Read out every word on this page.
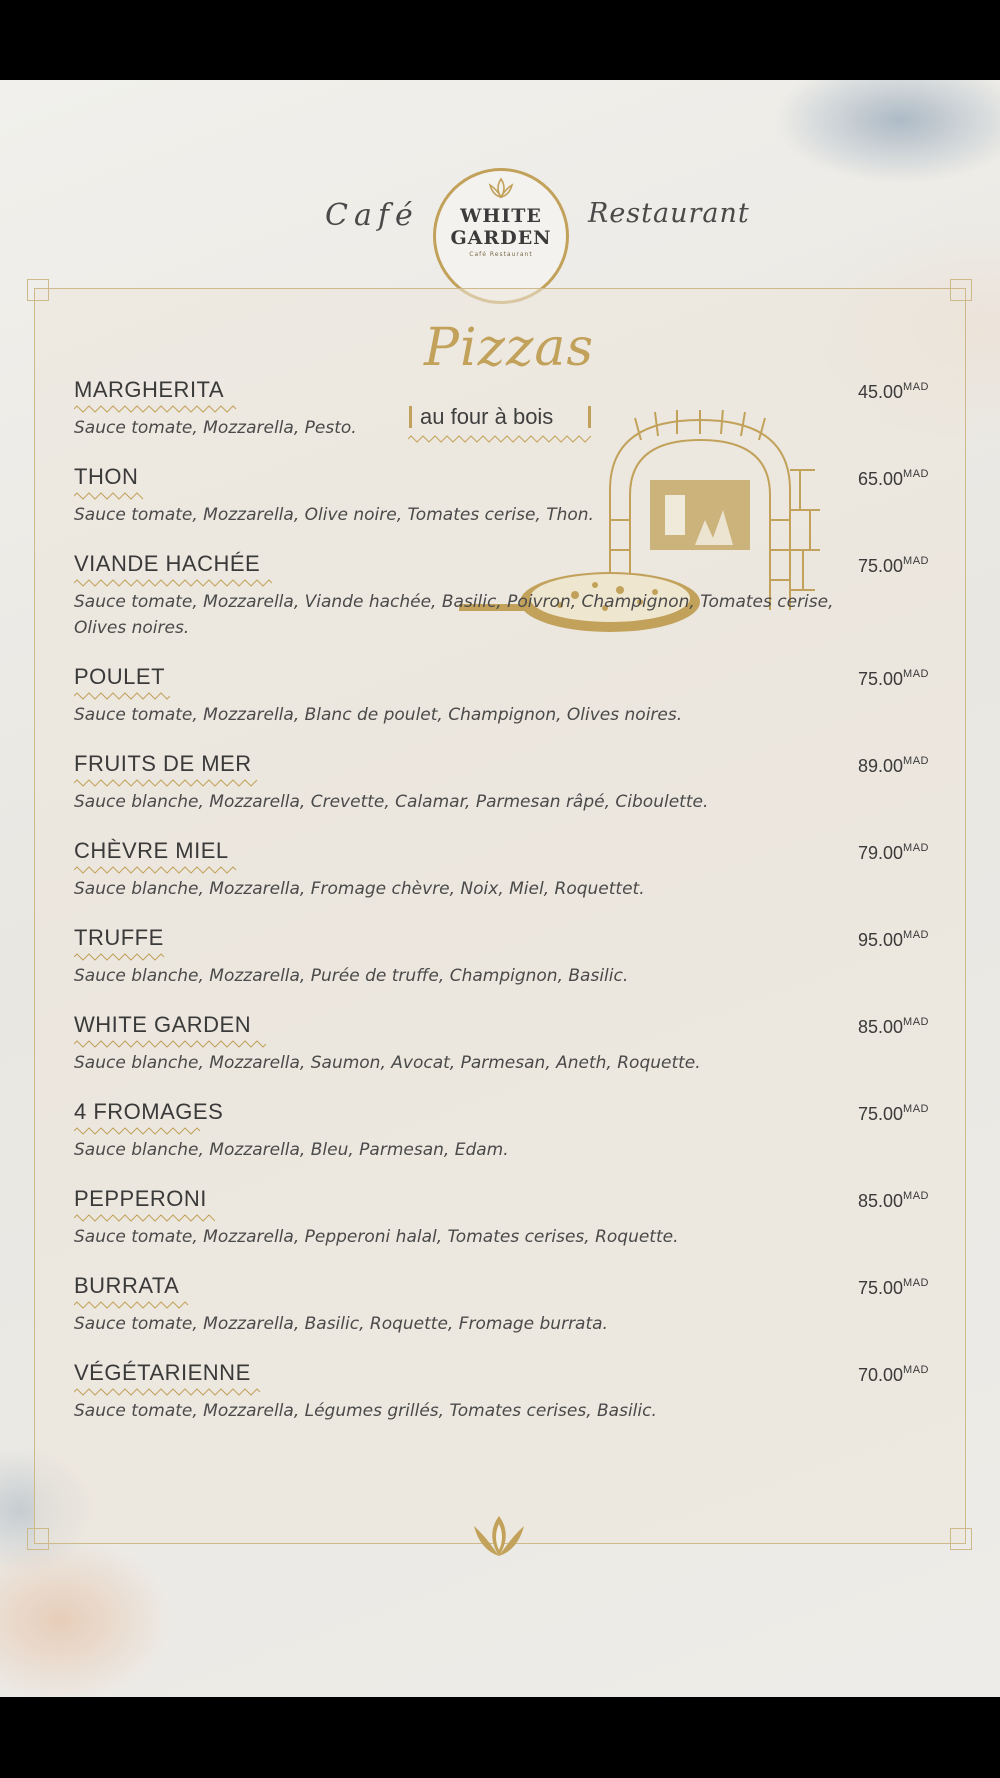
Café	WHITE
GARDEN
Café Restaurant
Restaurant
Pizzas
au four à bois
MARGHERITA
Sauce tomate, Mozzarella, Pesto.
$45.00^{MAD}$
THON
Sauce tomate, Mozzarella, Olive noire, Tomates cerise, Thon.
$65.00^{MAD}$
VIANDE HACHÉE
Sauce tomate, Mozzarella, Viande hachée, Basilic, Poivron, Champignon, Tomates cerise, Olives noires.
$75.00^{MAD}$
POULET
Sauce tomate, Mozzarella, Blanc de poulet, Champignon, Olives noires.
$75.00^{MAD}$
FRUITS DE MER
Sauce blanche, Mozzarella, Crevette, Calamar, Parmesan râpé, Ciboulette.
$89.00^{MAD}$
CHÈVRE MIEL
Sauce blanche, Mozzarella, Fromage chèvre, Noix, Miel, Roquettet.
$79.00^{MAD}$
TRUFFE
Sauce blanche, Mozzarella, Purée de truffe, Champignon, Basilic.
$95.00^{MAD}$
WHITE GARDEN
Sauce blanche, Mozzarella, Saumon, Avocat, Parmesan, Aneth, Roquette.
$85.00^{MAD}$
4 FROMAGES
Sauce blanche, Mozzarella, Bleu, Parmesan, Edam.
$75.00^{MAD}$
PEPPERONI
Sauce tomate, Mozzarella, Pepperoni halal, Tomates cerises, Roquette.
$85.00^{MAD}$
BURRATA
Sauce tomate, Mozzarella, Basilic, Roquette, Fromage burrata.
$75.00^{MAD}$
VÉGÉTARIENNE
Sauce tomate, Mozzarella, Légumes grillés, Tomates cerises, Basilic.
$70.00^{MAD}$
